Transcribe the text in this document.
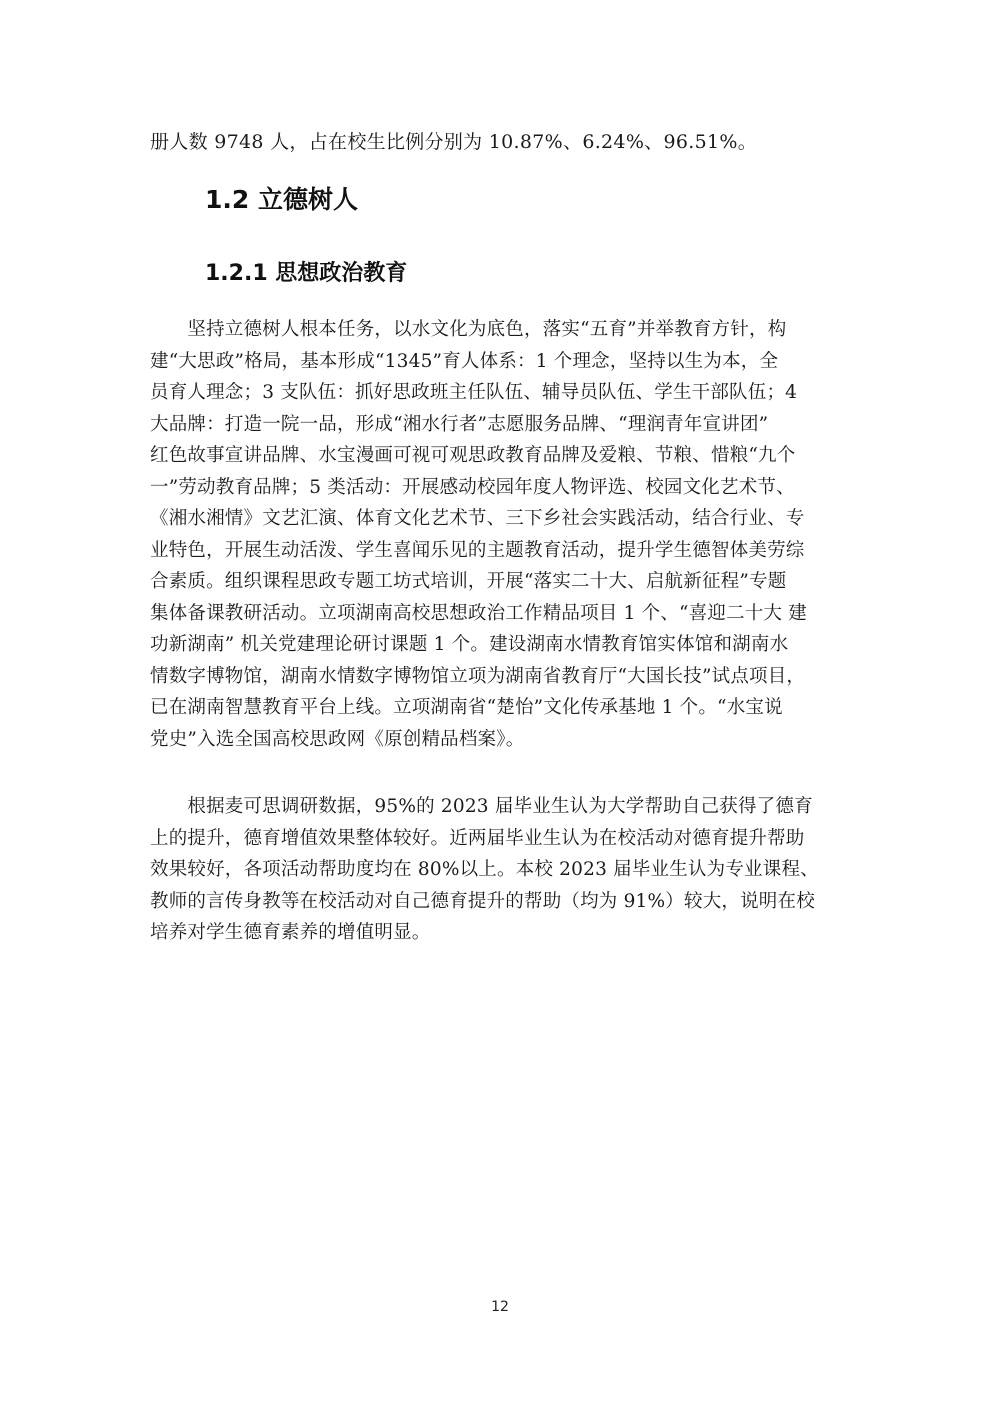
册人数 9748 人，占在校生比例分别为 10.87%、6.24%、96.51%。
1.2 立德树人
1.2.1 思想政治教育
　　坚持立德树人根本任务，以水文化为底色，落实“五育”并举教育方针，构
建“大思政”格局，基本形成“1345”育人体系：1 个理念，坚持以生为本，全
员育人理念；3 支队伍：抓好思政班主任队伍、辅导员队伍、学生干部队伍；4
大品牌：打造一院一品，形成“湘水行者”志愿服务品牌、“理润青年宣讲团”
红色故事宣讲品牌、水宝漫画可视可观思政教育品牌及爱粮、节粮、惜粮“九个
一”劳动教育品牌；5 类活动：开展感动校园年度人物评选、校园文化艺术节、
《湘水湘情》文艺汇演、体育文化艺术节、三下乡社会实践活动，结合行业、专
业特色，开展生动活泼、学生喜闻乐见的主题教育活动，提升学生德智体美劳综
合素质。组织课程思政专题工坊式培训，开展“落实二十大、启航新征程”专题
集体备课教研活动。立项湖南高校思想政治工作精品项目 1 个、“喜迎二十大 建
功新湖南” 机关党建理论研讨课题 1 个。建设湖南水情教育馆实体馆和湖南水
情数字博物馆，湖南水情数字博物馆立项为湖南省教育厅“大国长技”试点项目，
已在湖南智慧教育平台上线。立项湖南省“楚怡”文化传承基地 1 个。“水宝说
党史”入选全国高校思政网《原创精品档案》。
　　根据麦可思调研数据，95%的 2023 届毕业生认为大学帮助自己获得了德育
上的提升，德育增值效果整体较好。近两届毕业生认为在校活动对德育提升帮助
效果较好，各项活动帮助度均在 80%以上。本校 2023 届毕业生认为专业课程、
教师的言传身教等在校活动对自己德育提升的帮助（均为 91%）较大，说明在校
培养对学生德育素养的增值明显。
12
